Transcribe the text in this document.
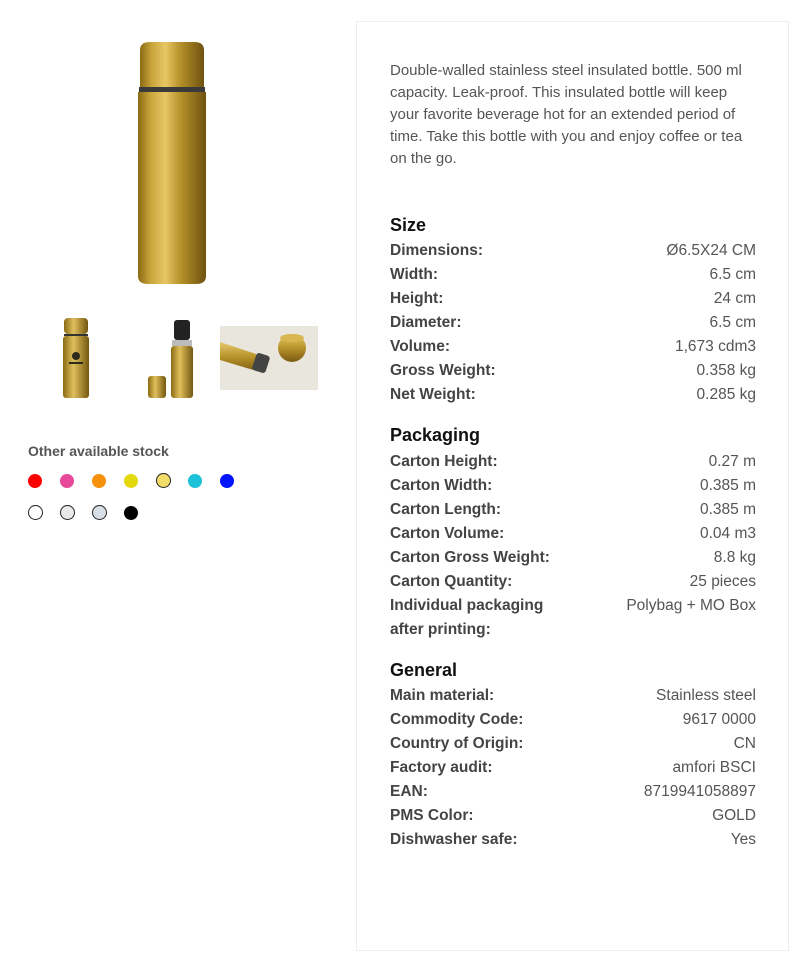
Other available stock
Double-walled stainless steel insulated bottle. 500 ml capacity. Leak-proof. This insulated bottle will keep your favorite beverage hot for an extended period of time. Take this bottle with you and enjoy coffee or tea on the go.
Size
Dimensions:	Ø6.5X24 CM
Width:	6.5 cm
Height:	24 cm
Diameter:	6.5 cm
Volume:	1,673 cdm3
Gross Weight:	0.358 kg
Net Weight:	0.285 kg
Packaging
Carton Height:	0.27 m
Carton Width:	0.385 m
Carton Length:	0.385 m
Carton Volume:	0.04 m3
Carton Gross Weight:	8.8 kg
Carton Quantity:	25 pieces
Individual packaging after printing:
Polybag + MO Box
General
Main material:	Stainless steel
Commodity Code:	9617 0000
Country of Origin:	CN
Factory audit:	amfori BSCI
EAN:	8719941058897
PMS Color:	GOLD
Dishwasher safe:	Yes
